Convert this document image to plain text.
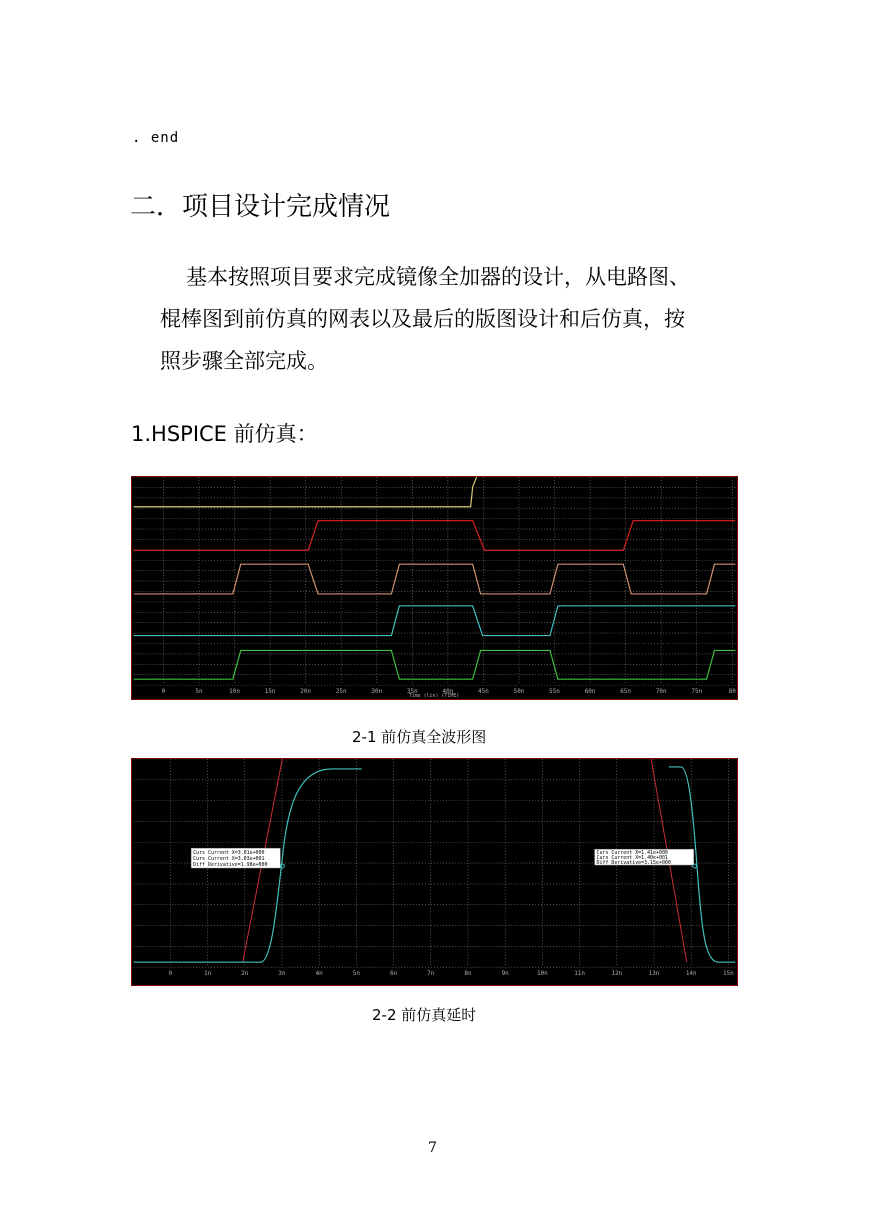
. end
二．项目设计完成情况
基本按照项目要求完成镜像全加器的设计，从电路图、
棍棒图到前仿真的网表以及最后的版图设计和后仿真，按
照步骤全部完成。
1.HSPICE 前仿真：
0	5n	10n	15n	20n	25n	30n	35n	40n	45n	50n	55n	60n	65n	70n	75n	80
Time (lin) (TIME)
2-1 前仿真全波形图
Curs Current X=3.01e+000
Curs Current X=3.03e+001
Diff Derivative=1.98e+000
Curs Current X=1.41e+000
Curs Current X=1.40e+001
Diff Derivative=3.15e+000
0	1n	2n	3n	4n	5n	6n	7n	8n	9n	10n	11n	12n	13n	14n	15n
2-2 前仿真延时
7
